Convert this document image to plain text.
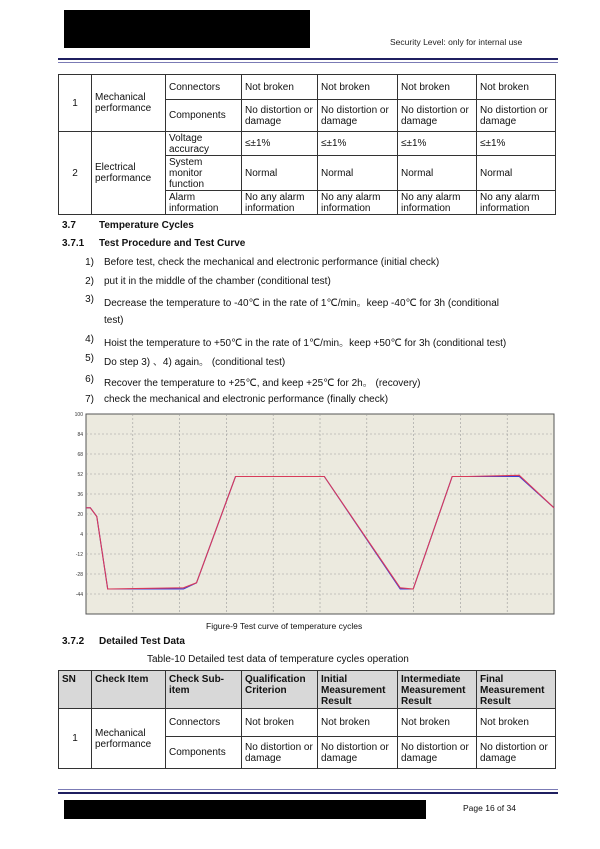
Security Level: only for internal use
1	Mechanical performance	Connectors	Not broken	Not broken	Not broken	Not broken
		Components	No distortion or damage	No distortion or damage	No distortion or damage	No distortion or damage
2	Electrical performance	Voltage accuracy	≤±1%	≤±1%	≤±1%	≤±1%
		System monitor function	Normal	Normal	Normal	Normal
		Alarm information	No any alarm information	No any alarm information	No any alarm information	No any alarm information
3.7 Temperature Cycles
3.7.1 Test Procedure and Test Curve
1) Before test, check the mechanical and electronic performance (initial check)
2) put it in the middle of the chamber (conditional test)
3) Decrease the temperature to -40℃ in the rate of 1℃/min。keep -40℃ for 3h (conditional
test)
4) Hoist the temperature to +50℃ in the rate of 1℃/min。keep +50℃ for 3h (conditional test)
5) Do step 3) 、4) again。 (conditional test)
6) Recover the temperature to +25℃, and keep +25℃ for 2h。 (recovery)
7) check the mechanical and electronic performance (finally check)
100
84
68
52
36
20
4
-12
-28
-44
Figure-9 Test curve of temperature cycles
3.7.2 Detailed Test Data
Table-10 Detailed test data of temperature cycles operation
SN	Check Item	Check Sub-item	Qualification Criterion	Initial Measurement Result	Intermediate Measurement Result	Final Measurement Result
1	Mechanical performance	Connectors	Not broken	Not broken	Not broken	Not broken
		Components	No distortion or damage	No distortion or damage	No distortion or damage	No distortion or damage
Page 16 of 34
